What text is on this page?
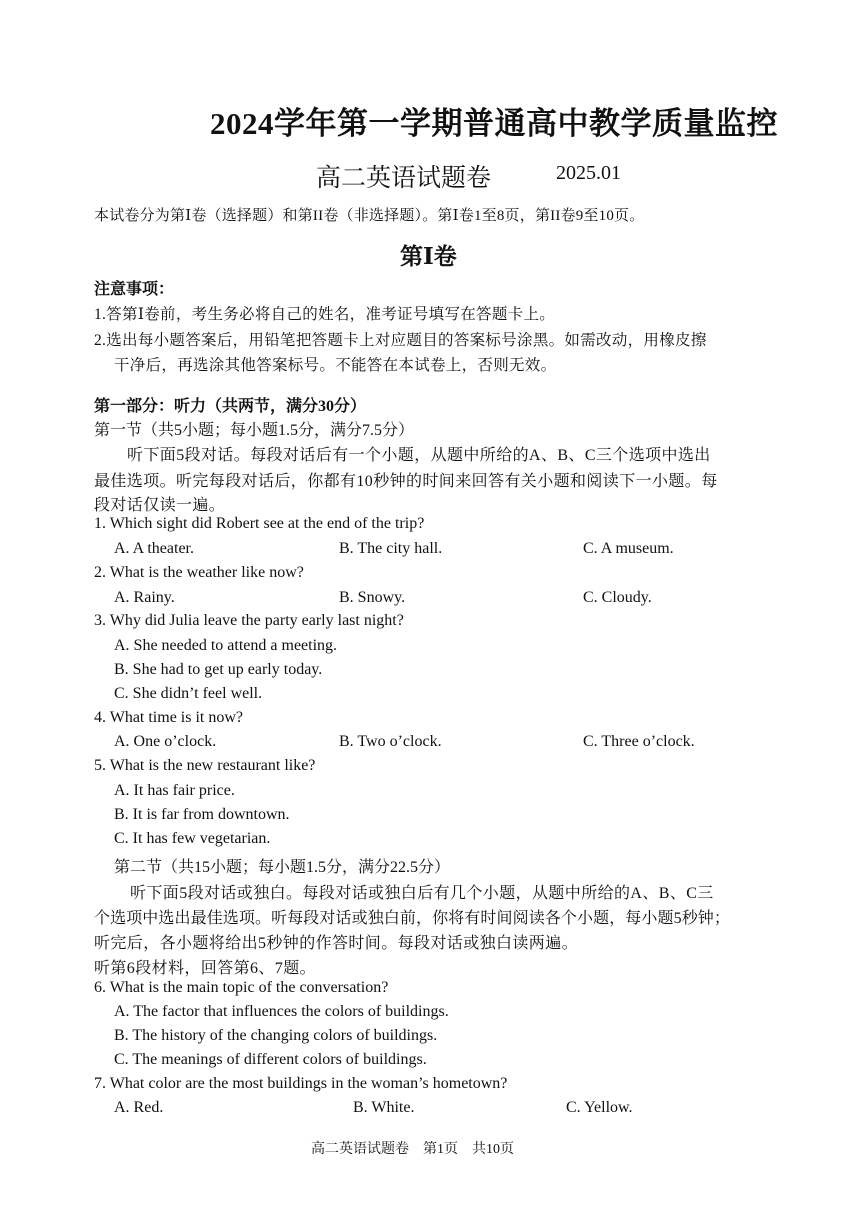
2024学年第一学期普通高中教学质量监控
高二英语试题卷	2025.01
本试卷分为第Ⅰ卷（选择题）和第II卷（非选择题）。第Ⅰ卷1至8页，第II卷9至10页。
第Ⅰ卷
注意事项：
1.答第Ⅰ卷前，考生务必将自己的姓名，准考证号填写在答题卡上。
2.选出每小题答案后，用铅笔把答题卡上对应题目的答案标号涂黑。如需改动，用橡皮擦
干净后，再选涂其他答案标号。不能答在本试卷上，否则无效。
第一部分：听力（共两节，满分30分）
第一节（共5小题；每小题1.5分，满分7.5分）
听下面5段对话。每段对话后有一个小题，从题中所给的A、B、C三个选项中选出
最佳选项。听完每段对话后，你都有10秒钟的时间来回答有关小题和阅读下一小题。每
段对话仅读一遍。
1. Which sight did Robert see at the end of the trip?
A. A theater.	B. The city hall.	C. A museum.
2. What is the weather like now?
A. Rainy.	B. Snowy.	C. Cloudy.
3. Why did Julia leave the party early last night?
A. She needed to attend a meeting.
B. She had to get up early today.
C. She didn’t feel well.
4. What time is it now?
A. One o’clock.	B. Two o’clock.	C. Three o’clock.
5. What is the new restaurant like?
A. It has fair price.
B. It is far from downtown.
C. It has few vegetarian.
第二节（共15小题；每小题1.5分，满分22.5分）
听下面5段对话或独白。每段对话或独白后有几个小题，从题中所给的A、B、C三
个选项中选出最佳选项。听每段对话或独白前，你将有时间阅读各个小题，每小题5秒钟；
听完后，各小题将给出5秒钟的作答时间。每段对话或独白读两遍。
听第6段材料，回答第6、7题。
6. What is the main topic of the conversation?
A. The factor that influences the colors of buildings.
B. The history of the changing colors of buildings.
C. The meanings of different colors of buildings.
7. What color are the most buildings in the woman’s hometown?
A. Red.	B. White.	C. Yellow.
高二英语试题卷　第1页　共10页
